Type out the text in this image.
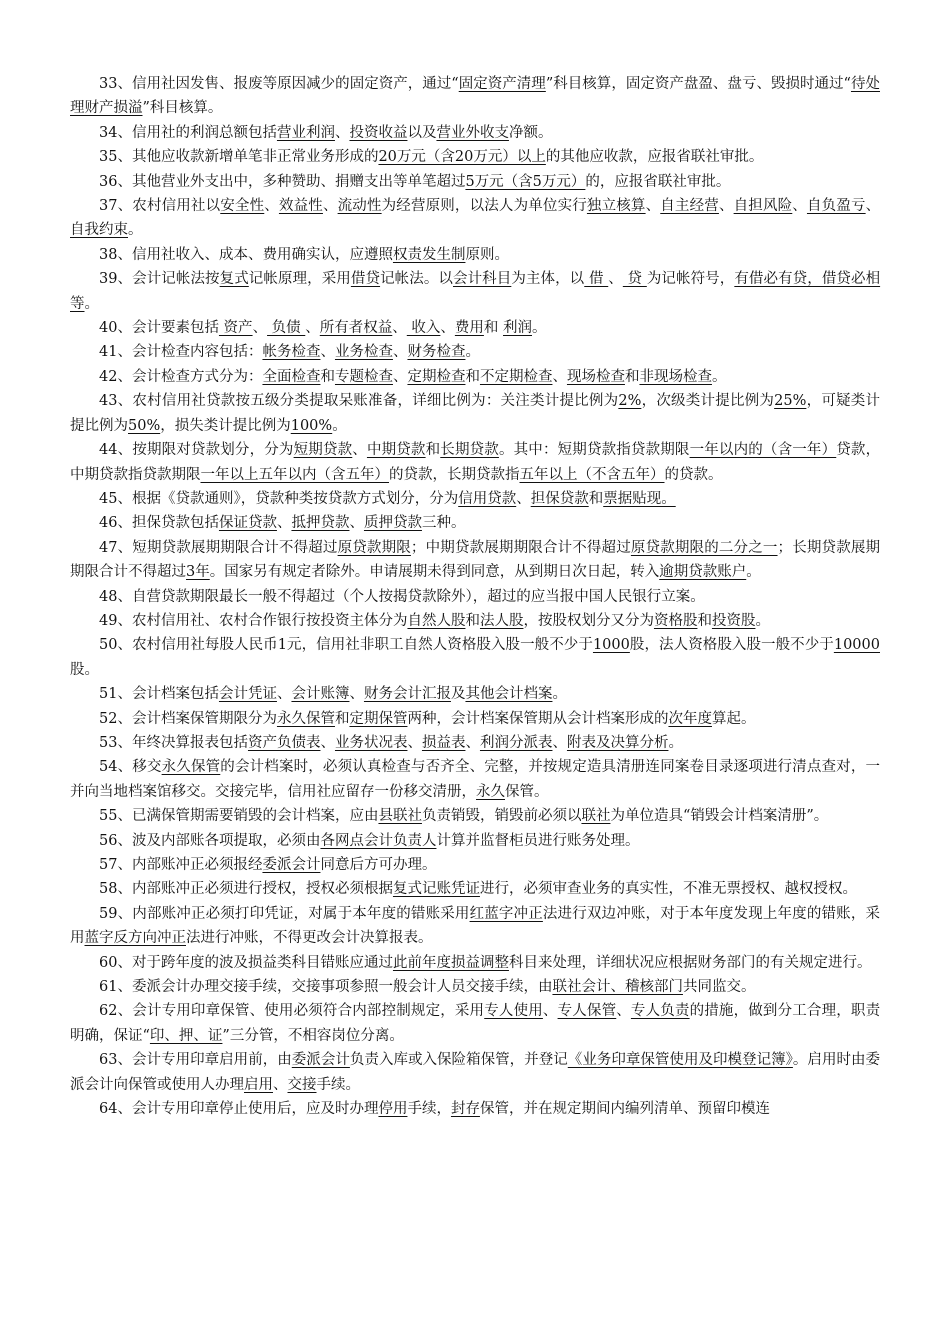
33、信用社因发售、报废等原因减少的固定资产，通过“固定资产清理”科目核算，固定资产盘盈、盘亏、毁损时通过“待处理财产损溢”科目核算。

34、信用社的利润总额包括营业利润、投资收益以及营业外收支净额。

35、其他应收款新增单笔非正常业务形成的20万元（含20万元）以上的其他应收款，应报省联社审批。

36、其他营业外支出中，多种赞助、捐赠支出等单笔超过5万元（含5万元）的，应报省联社审批。

37、农村信用社以安全性、效益性、流动性为经营原则，以法人为单位实行独立核算、自主经营、自担风险、自负盈亏、自我约束。

38、信用社收入、成本、费用确实认，应遵照权责发生制原则。

39、会计记帐法按复式记帐原理，采用借贷记帐法。以会计科目为主体，以 借 、 贷 为记帐符号，有借必有贷，借贷必相等。

40、会计要素包括 资产、 负债 、所有者权益、 收入、费用和 利润。

41、会计检查内容包括：帐务检查、业务检查、财务检查。

42、会计检查方式分为：全面检查和专题检查、定期检查和不定期检查、现场检查和非现场检查。

43、农村信用社贷款按五级分类提取呆账准备，详细比例为：关注类计提比例为2%，次级类计提比例为25%，可疑类计提比例为50%，损失类计提比例为100%。

44、按期限对贷款划分，分为短期贷款、中期贷款和长期贷款。其中：短期贷款指贷款期限一年以内的（含一年）贷款，中期贷款指贷款期限一年以上五年以内（含五年）的贷款，长期贷款指五年以上（不含五年）的贷款。

45、根据《贷款通则》，贷款种类按贷款方式划分，分为信用贷款、担保贷款和票据贴现。

46、担保贷款包括保证贷款、抵押贷款、质押贷款三种。

47、短期贷款展期期限合计不得超过原贷款期限；中期贷款展期期限合计不得超过原贷款期限的二分之一；长期贷款展期期限合计不得超过3年。国家另有规定者除外。申请展期未得到同意，从到期日次日起，转入逾期贷款账户。

48、自营贷款期限最长一般不得超过（个人按揭贷款除外），超过的应当报中国人民银行立案。

49、农村信用社、农村合作银行按投资主体分为自然人股和法人股，按股权划分又分为资格股和投资股。

50、农村信用社每股人民币1元，信用社非职工自然人资格股入股一般不少于1000股，法人资格股入股一般不少于10000股。

51、会计档案包括会计凭证、会计账簿、财务会计汇报及其他会计档案。

52、会计档案保管期限分为永久保管和定期保管两种，会计档案保管期从会计档案形成的次年度算起。

53、年终决算报表包括资产负债表、业务状况表、损益表、利润分派表、附表及决算分析。

54、移交永久保管的会计档案时，必须认真检查与否齐全、完整，并按规定造具清册连同案卷目录逐项进行清点查对，一并向当地档案馆移交。交接完毕，信用社应留存一份移交清册，永久保管。

55、已满保管期需要销毁的会计档案，应由县联社负责销毁，销毁前必须以联社为单位造具“销毁会计档案清册”。

56、波及内部账各项提取，必须由各网点会计负责人计算并监督柜员进行账务处理。

57、内部账冲正必须报经委派会计同意后方可办理。

58、内部账冲正必须进行授权，授权必须根据复式记账凭证进行，必须审查业务的真实性，不准无票授权、越权授权。

59、内部账冲正必须打印凭证，对属于本年度的错账采用红蓝字冲正法进行双边冲账，对于本年度发现上年度的错账，采用蓝字反方向冲正法进行冲账，不得更改会计决算报表。

60、对于跨年度的波及损益类科目错账应通过此前年度损益调整科目来处理，详细状况应根据财务部门的有关规定进行。

61、委派会计办理交接手续，交接事项参照一般会计人员交接手续，由联社会计、稽核部门共同监交。

62、会计专用印章保管、使用必须符合内部控制规定，采用专人使用、专人保管、专人负责的措施，做到分工合理，职责明确，保证“印、押、证”三分管，不相容岗位分离。

63、会计专用印章启用前，由委派会计负责入库或入保险箱保管，并登记《业务印章保管使用及印模登记簿》。启用时由委派会计向保管或使用人办理启用、交接手续。

64、会计专用印章停止使用后，应及时办理停用手续，封存保管，并在规定期间内编列清单、预留印模连
